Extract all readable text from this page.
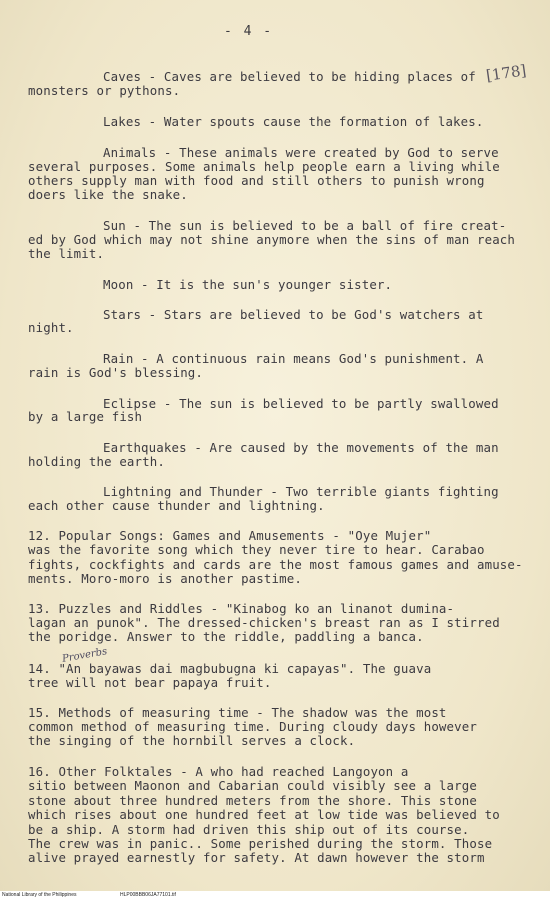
- 4 -
[178]
Proverbs
Caves - Caves are believed to be hiding places of
monsters or pythons.
Lakes - Water spouts cause the formation of lakes.
Animals - These animals were created by God to serve
several purposes. Some animals help people earn a living while
others supply man with food and still others to punish wrong
doers like the snake.
Sun - The sun is believed to be a ball of fire creat-
ed by God which may not shine anymore when the sins of man reach
the limit.
Moon - It is the sun's younger sister.
Stars - Stars are believed to be God's watchers at
night.
Rain - A continuous rain means God's punishment. A
rain is God's blessing.
Eclipse - The sun is believed to be partly swallowed
by a large fish
Earthquakes - Are caused by the movements of the man
holding the earth.
Lightning and Thunder - Two terrible giants fighting
each other cause thunder and lightning.
12. Popular Songs: Games and Amusements - "Oye Mujer"
was the favorite song which they never tire to hear. Carabao
fights, cockfights and cards are the most famous games and amuse-
ments. Moro-moro is another pastime.
13. Puzzles and Riddles - "Kinabog ko an linanot dumina-
lagan an punok". The dressed-chicken's breast ran as I stirred
the poridge. Answer to the riddle, paddling a banca.
14. "An bayawas dai magbubugna ki capayas". The guava
tree will not bear papaya fruit.
15. Methods of measuring time - The shadow was the most
common method of measuring time. During cloudy days however
the singing of the hornbill serves a clock.
16. Other Folktales - A who had reached Langoyon a
sitio between Maonon and Cabarian could visibly see a large
stone about three hundred meters from the shore. This stone
which rises about one hundred feet at low tide was believed to
be a ship. A storm had driven this ship out of its course.
The crew was in panic.. Some perished during the storm. Those
alive prayed earnestly for safety. At dawn however the storm
National Library of the Philippines	HLP00BBB06JA77101.tif
